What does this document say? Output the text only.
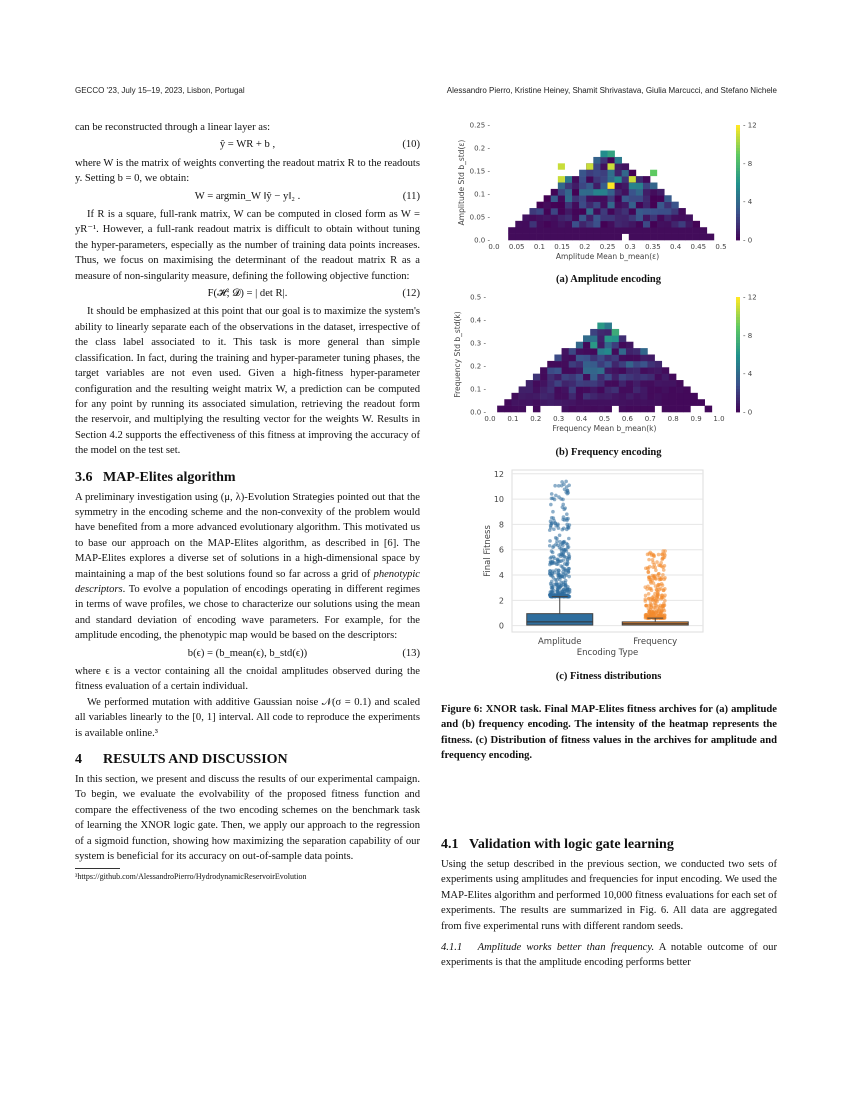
GECCO '23, July 15–19, 2023, Lisbon, Portugal	Alessandro Pierro, Kristine Heiney, Shamit Shrivastava, Giulia Marcucci, and Stefano Nichele

can be reconstructed through a linear layer as:

ŷ = WR + b ,	(10)

where W is the matrix of weights converting the readout matrix R to the readouts y. Setting b = 0, we obtain:

W = argmin_W ‖ŷ − y‖₂ .	(11)

If R is a square, full-rank matrix, W can be computed in closed form as W = yR⁻¹. However, a full-rank readout matrix is difficult to obtain without tuning the hyper-parameters, especially as the number of training data points increases. Thus, we focus on maximising the determinant of the readout matrix R as a measure of non-singularity measure, defining the following objective function:

F(𝓗; 𝓓) = | det R|.	(12)

It should be emphasized at this point that our goal is to maximize the system's ability to linearly separate each of the observations in the dataset, irrespective of the class label associated to it. This task is more general than simple classification. In fact, during the training and hyper-parameter tuning phases, the target variables are not even used. Given a high-fitness hyper-parameter configuration and the resulting weight matrix W, a prediction can be computed for any point by running its associated simulation, retrieving the readout form the reservoir, and multiplying the resulting vector for the weights W. Results in Section 4.2 supports the effectiveness of this fitness at improving the accuracy of the model on the test set.

3.6 MAP-Elites algorithm

A preliminary investigation using (μ, λ)-Evolution Strategies pointed out that the symmetry in the encoding scheme and the non-convexity of the problem would have benefited from a more advanced evolutionary algorithm. This motivated us to base our approach on the MAP-Elites algorithm, as described in [6]. The MAP-Elites explores a diverse set of solutions in a high-dimensional space by maintaining a map of the best solutions found so far across a grid of phenotypic descriptors. To evolve a population of encodings operating in different regimes in terms of wave profiles, we chose to characterize our solutions using the mean and standard deviation of encoding wave parameters. For example, for the amplitude encoding, the phenotypic map would be based on the descriptors:

b(ϵ) = (b_mean(ϵ), b_std(ϵ))	(13)

where ϵ is a vector containing all the cnoidal amplitudes observed during the fitness evaluation of a certain individual.

We performed mutation with additive Gaussian noise 𝒩(σ = 0.1) and scaled all variables linearly to the [0, 1] interval. All code to reproduce the experiments is available online.³

4 RESULTS AND DISCUSSION

In this section, we present and discuss the results of our experimental campaign. To begin, we evaluate the evolvability of the proposed fitness function and compare the effectiveness of the two encoding schemes on the benchmark task of learning the XNOR logic gate. Then, we apply our approach to the regression of a sigmoid function, showing how maximizing the separation capability of our system is beneficial for its accuracy on out-of-sample data points.

³https://github.com/AlessandroPierro/HydrodynamicReservoirEvolution
0.0 0.05 0.1 0.15 0.2 0.25 0.3 0.35 0.4 0.45 0.5
0.0 -
0.05 -
0.1 -
0.15 -
0.2 -
0.25 -
Amplitude Mean b_mean(ε)
Amplitude Std b_std(ε)
- 0
- 4
- 8
- 12
0.0 0.1 0.2 0.3 0.4 0.5 0.6 0.7 0.8 0.9 1.0
0.0 -
0.1 -
0.2 -
0.3 -
0.4 -
0.5 -
Frequency Mean b_mean(k)
Frequency Std b_std(k)
- 0
- 4
- 8
- 12
0
2
4
6
8
10
12
Amplitude	Frequency
Encoding Type
Final Fitness
(a) Amplitude encoding
(b) Frequency encoding
(c) Fitness distributions
Figure 6: XNOR task. Final MAP-Elites fitness archives for (a) amplitude and (b) frequency encoding. The intensity of the heatmap represents the fitness. (c) Distribution of fitness values in the archives for amplitude and frequency encoding.
4.1 Validation with logic gate learning

Using the setup described in the previous section, we conducted two sets of experiments using amplitudes and frequencies for input encoding. We used the MAP-Elites algorithm and performed 10,000 fitness evaluations for each set of experiments. The results are summarized in Fig. 6. All data are aggregated from five experimental runs with different random seeds.

4.1.1 Amplitude works better than frequency. A notable outcome of our experiments is that the amplitude encoding performs better
